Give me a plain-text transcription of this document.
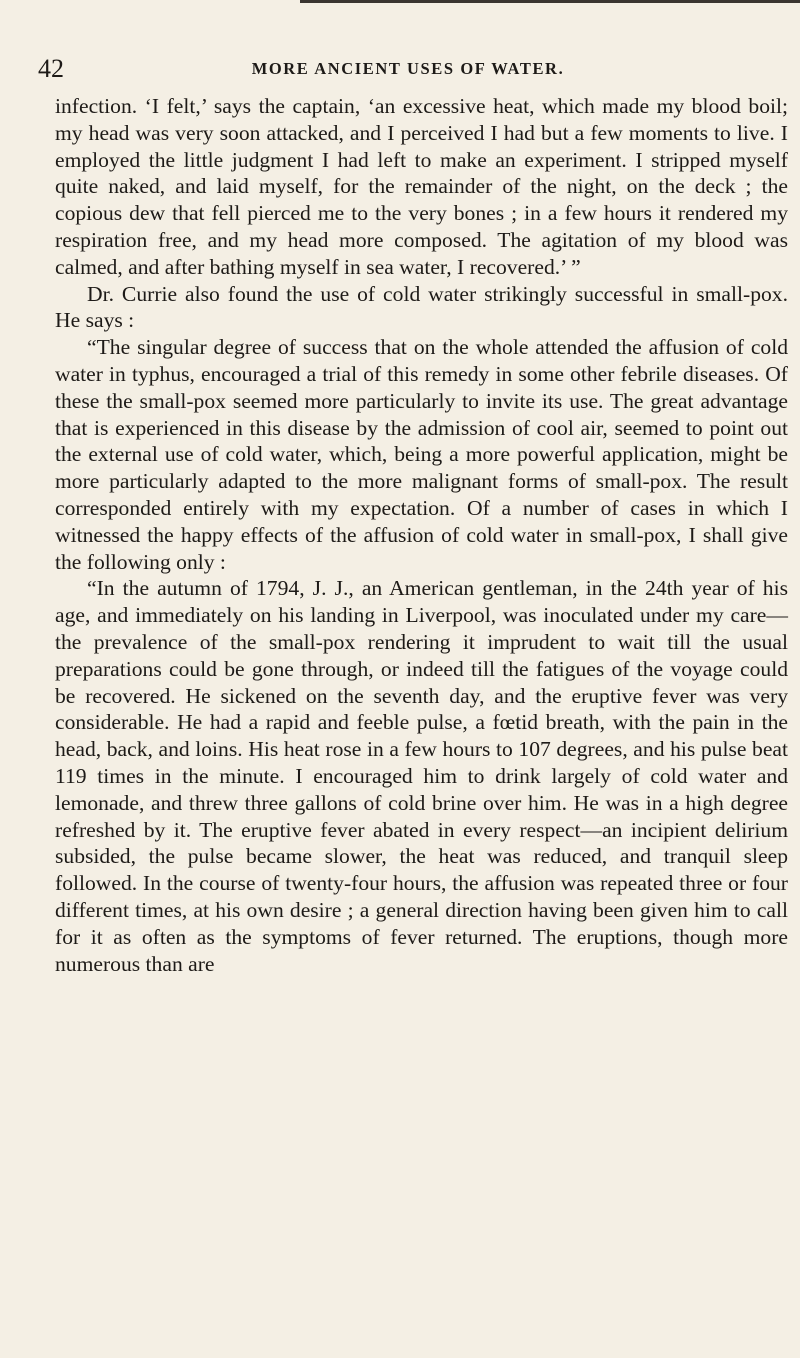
42	MORE ANCIENT USES OF WATER.

infection. ‘I felt,’ says the captain, ‘an excessive heat, which made my blood boil; my head was very soon attacked, and I perceived I had but a few moments to live. I employed the little judgment I had left to make an experiment. I stripped myself quite naked, and laid myself, for the remainder of the night, on the deck ; the copious dew that fell pierced me to the very bones ; in a few hours it rendered my respiration free, and my head more composed. The agitation of my blood was calmed, and after bathing myself in sea water, I recovered.’ ”

Dr. Currie also found the use of cold water strikingly successful in small-pox. He says :

“The singular degree of success that on the whole attended the affusion of cold water in typhus, encouraged a trial of this remedy in some other febrile diseases. Of these the small-pox seemed more particularly to invite its use. The great advantage that is experienced in this disease by the admission of cool air, seemed to point out the external use of cold water, which, being a more powerful application, might be more particularly adapted to the more malignant forms of small-pox. The result corresponded entirely with my expectation. Of a number of cases in which I witnessed the happy effects of the affusion of cold water in small-pox, I shall give the following only :

“In the autumn of 1794, J. J., an American gentleman, in the 24th year of his age, and immediately on his landing in Liverpool, was inoculated under my care—the prevalence of the small-pox rendering it imprudent to wait till the usual preparations could be gone through, or indeed till the fatigues of the voyage could be recovered. He sickened on the seventh day, and the eruptive fever was very considerable. He had a rapid and feeble pulse, a fœtid breath, with the pain in the head, back, and loins. His heat rose in a few hours to 107 degrees, and his pulse beat 119 times in the minute. I encouraged him to drink largely of cold water and lemonade, and threw three gallons of cold brine over him. He was in a high degree refreshed by it. The eruptive fever abated in every respect—an incipient delirium subsided, the pulse became slower, the heat was reduced, and tranquil sleep followed. In the course of twenty-four hours, the affusion was repeated three or four different times, at his own desire ; a general direction having been given him to call for it as often as the symptoms of fever returned. The eruptions, though more numerous than are
